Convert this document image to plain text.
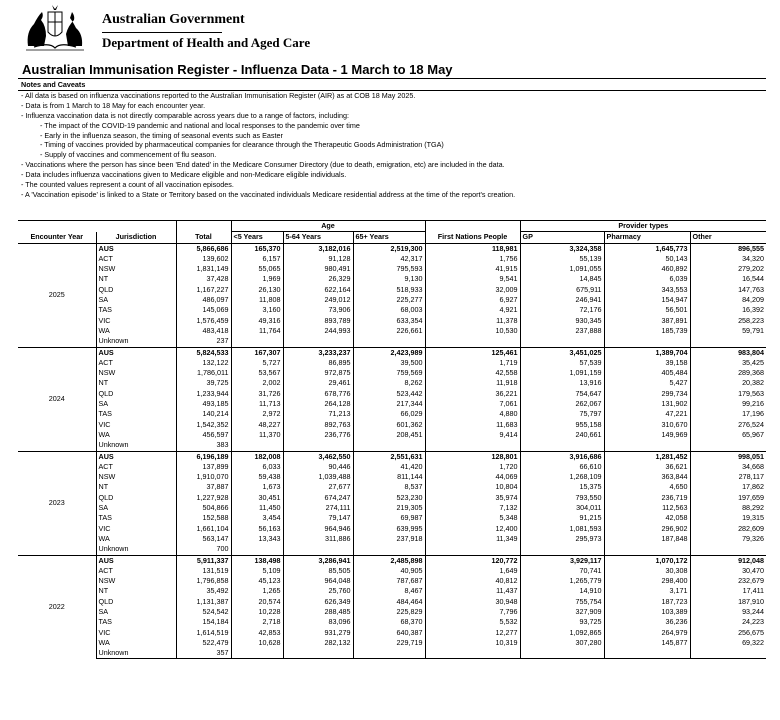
Australian Government
Department of Health and Aged Care
Australian Immunisation Register - Influenza Data - 1 March to 18 May
Notes and Caveats
- All data is based on influenza vaccinations reported to the Australian Immunisation Register (AIR) as at COB 18 May 2025.
- Data is from 1 March to 18 May for each encounter year.
- Influenza vaccination data is not directly comparable across years due to a range of factors, including:
- The impact of the COVID-19 pandemic and national and local responses to the pandemic over time
- Early in the influenza season, the timing of seasonal events such as Easter
- Timing of vaccines provided by pharmaceutical companies for clearance through the Therapeutic Goods Administration (TGA)
- Supply of vaccines and commencement of flu season.
- Vaccinations where the person has since been 'End dated' in the Medicare Consumer Directory (due to death, emigration, etc) are included in the data.
- Data includes influenza vaccinations given to Medicare eligible and non-Medicare eligible individuals.
- The counted values represent a count of all vaccination episodes.
- A 'Vaccination episode' is linked to a State or Territory based on the vaccinated individuals Medicare residential address at the time of the report's creation.
			Age				Provider types		
Encounter Year	Jurisdiction	Total	<5 Years	5-64 Years	65+ Years	First Nations People	GP	Pharmacy	Other
2025	AUS	5,866,686	165,370	3,182,016	2,519,300	118,981	3,324,358	1,645,773	896,555
	ACT	139,602	6,157	91,128	42,317	1,756	55,139	50,143	34,320
	NSW	1,831,149	55,065	980,491	795,593	41,915	1,091,055	460,892	279,202
	NT	37,428	1,969	26,329	9,130	9,541	14,845	6,039	16,544
	QLD	1,167,227	26,130	622,164	518,933	32,009	675,911	343,553	147,763
	SA	486,097	11,808	249,012	225,277	6,927	246,941	154,947	84,209
	TAS	145,069	3,160	73,906	68,003	4,921	72,176	56,501	16,392
	VIC	1,576,459	49,316	893,789	633,354	11,378	930,345	387,891	258,223
	WA	483,418	11,764	244,993	226,661	10,530	237,888	185,739	59,791
	Unknown	237							
2024	AUS	5,824,533	167,307	3,233,237	2,423,989	125,461	3,451,025	1,389,704	983,804
	ACT	132,122	5,727	86,895	39,500	1,719	57,539	39,158	35,425
	NSW	1,786,011	53,567	972,875	759,569	42,558	1,091,159	405,484	289,368
	NT	39,725	2,002	29,461	8,262	11,918	13,916	5,427	20,382
	QLD	1,233,944	31,726	678,776	523,442	36,221	754,647	299,734	179,563
	SA	493,185	11,713	264,128	217,344	7,061	262,067	131,902	99,216
	TAS	140,214	2,972	71,213	66,029	4,880	75,797	47,221	17,196
	VIC	1,542,352	48,227	892,763	601,362	11,683	955,158	310,670	276,524
	WA	456,597	11,370	236,776	208,451	9,414	240,661	149,969	65,967
	Unknown	383							
2023	AUS	6,196,189	182,008	3,462,550	2,551,631	128,801	3,916,686	1,281,452	998,051
	ACT	137,899	6,033	90,446	41,420	1,720	66,610	36,621	34,668
	NSW	1,910,070	59,438	1,039,488	811,144	44,069	1,268,109	363,844	278,117
	NT	37,887	1,673	27,677	8,537	10,804	15,375	4,650	17,862
	QLD	1,227,928	30,451	674,247	523,230	35,974	793,550	236,719	197,659
	SA	504,866	11,450	274,111	219,305	7,132	304,011	112,563	88,292
	TAS	152,588	3,454	79,147	69,987	5,348	91,215	42,058	19,315
	VIC	1,661,104	56,163	964,946	639,995	12,400	1,081,593	296,902	282,609
	WA	563,147	13,343	311,886	237,918	11,349	295,973	187,848	79,326
	Unknown	700							
2022	AUS	5,911,337	138,498	3,286,941	2,485,898	120,772	3,929,117	1,070,172	912,048
	ACT	131,519	5,109	85,505	40,905	1,649	70,741	30,308	30,470
	NSW	1,796,858	45,123	964,048	787,687	40,812	1,265,779	298,400	232,679
	NT	35,492	1,265	25,760	8,467	11,437	14,910	3,171	17,411
	QLD	1,131,387	20,574	626,349	484,464	30,948	755,754	187,723	187,910
	SA	524,542	10,228	288,485	225,829	7,796	327,909	103,389	93,244
	TAS	154,184	2,718	83,096	68,370	5,532	93,725	36,236	24,223
	VIC	1,614,519	42,853	931,279	640,387	12,277	1,092,865	264,979	256,675
	WA	522,479	10,628	282,132	229,719	10,319	307,280	145,877	69,322
	Unknown	357							
